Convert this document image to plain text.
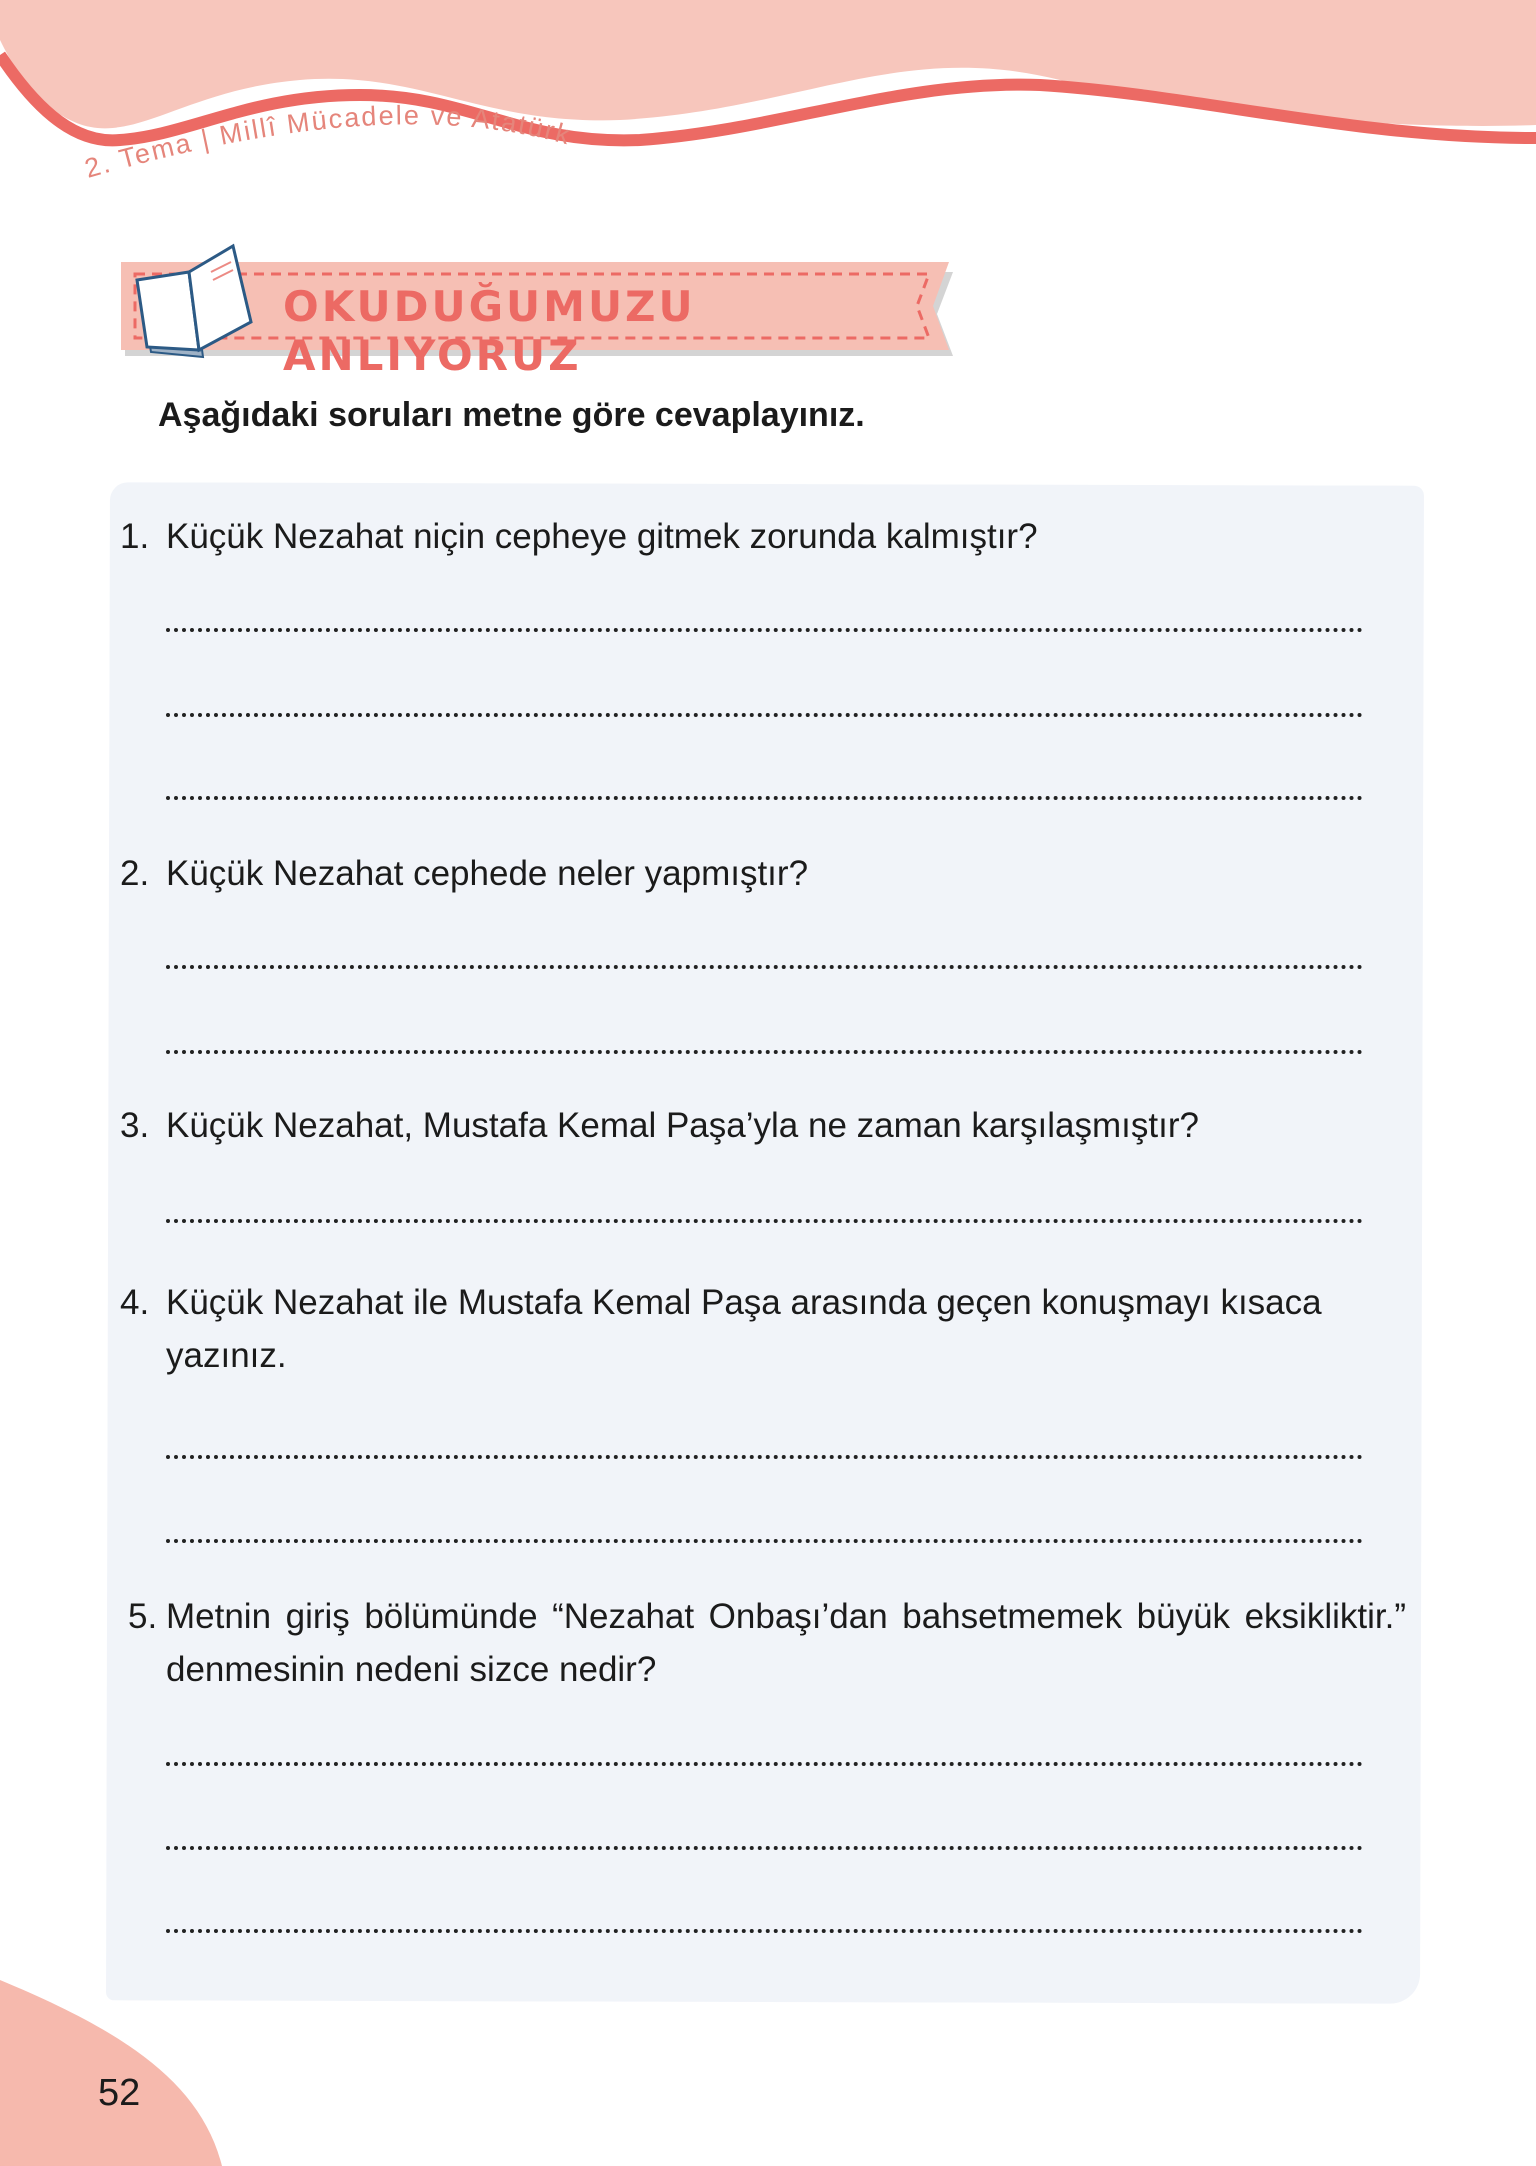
2. Tema | Millî Mücadele ve Atatürk
OKUDUĞUMUZU ANLIYORUZ
Aşağıdaki soruları metne göre cevaplayınız.
1. Küçük Nezahat niçin cepheye gitmek zorunda kalmıştır?
2. Küçük Nezahat cephede neler yapmıştır?
3. Küçük Nezahat, Mustafa Kemal Paşa’yla ne zaman karşılaşmıştır?
4. Küçük Nezahat ile Mustafa Kemal Paşa arasında geçen konuşmayı kısaca yazınız.
5. Metnin giriş bölümünde “Nezahat Onbaşı’dan bahsetmemek büyük eksikliktir.” denmesinin nedeni sizce nedir?
52
